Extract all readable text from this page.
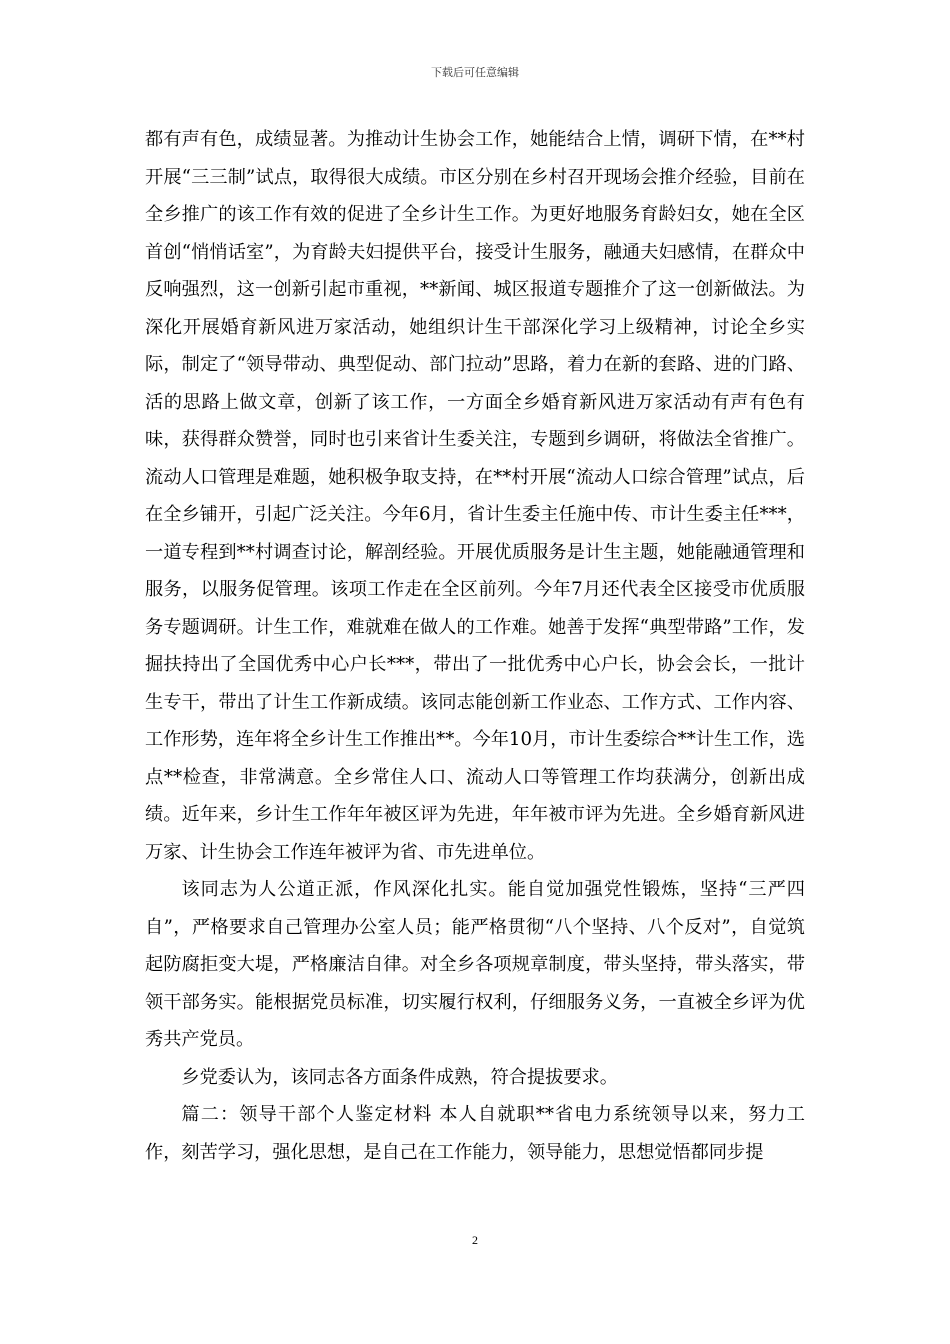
下载后可任意编辑

都有声有色，成绩显著。为推动计生协会工作，她能结合上情，调研下情，在**村开展“三三制”试点，取得很大成绩。市区分别在乡村召开现场会推介经验，目前在全乡推广的该工作有效的促进了全乡计生工作。为更好地服务育龄妇女，她在全区首创“悄悄话室”，为育龄夫妇提供平台，接受计生服务，融通夫妇感情，在群众中反响强烈，这一创新引起市重视，**新闻、城区报道专题推介了这一创新做法。为深化开展婚育新风进万家活动，她组织计生干部深化学习上级精神，讨论全乡实际，制定了“领导带动、典型促动、部门拉动”思路，着力在新的套路、进的门路、活的思路上做文章，创新了该工作，一方面全乡婚育新风进万家活动有声有色有味，获得群众赞誉，同时也引来省计生委关注，专题到乡调研，将做法全省推广。流动人口管理是难题，她积极争取支持，在**村开展“流动人口综合管理”试点，后在全乡铺开，引起广泛关注。今年6月，省计生委主任施中传、市计生委主任***，一道专程到**村调查讨论，解剖经验。开展优质服务是计生主题，她能融通管理和服务，以服务促管理。该项工作走在全区前列。今年7月还代表全区接受市优质服务专题调研。计生工作，难就难在做人的工作难。她善于发挥“典型带路”工作，发掘扶持出了全国优秀中心户长***，带出了一批优秀中心户长，协会会长，一批计生专干，带出了计生工作新成绩。该同志能创新工作业态、工作方式、工作内容、工作形势，连年将全乡计生工作推出**。今年10月，市计生委综合**计生工作，选点**检查，非常满意。全乡常住人口、流动人口等管理工作均获满分，创新出成绩。近年来，乡计生工作年年被区评为先进，年年被市评为先进。全乡婚育新风进万家、计生协会工作连年被评为省、市先进单位。

该同志为人公道正派，作风深化扎实。能自觉加强党性锻炼，坚持“三严四自”，严格要求自己管理办公室人员；能严格贯彻“八个坚持、八个反对”，自觉筑起防腐拒变大堤，严格廉洁自律。对全乡各项规章制度，带头坚持，带头落实，带领干部务实。能根据党员标准，切实履行权利，仔细服务义务，一直被全乡评为优秀共产党员。

乡党委认为，该同志各方面条件成熟，符合提拔要求。

篇二：领导干部个人鉴定材料 本人自就职**省电力系统领导以来，努力工作，刻苦学习，强化思想，是自己在工作能力，领导能力，思想觉悟都同步提

2
